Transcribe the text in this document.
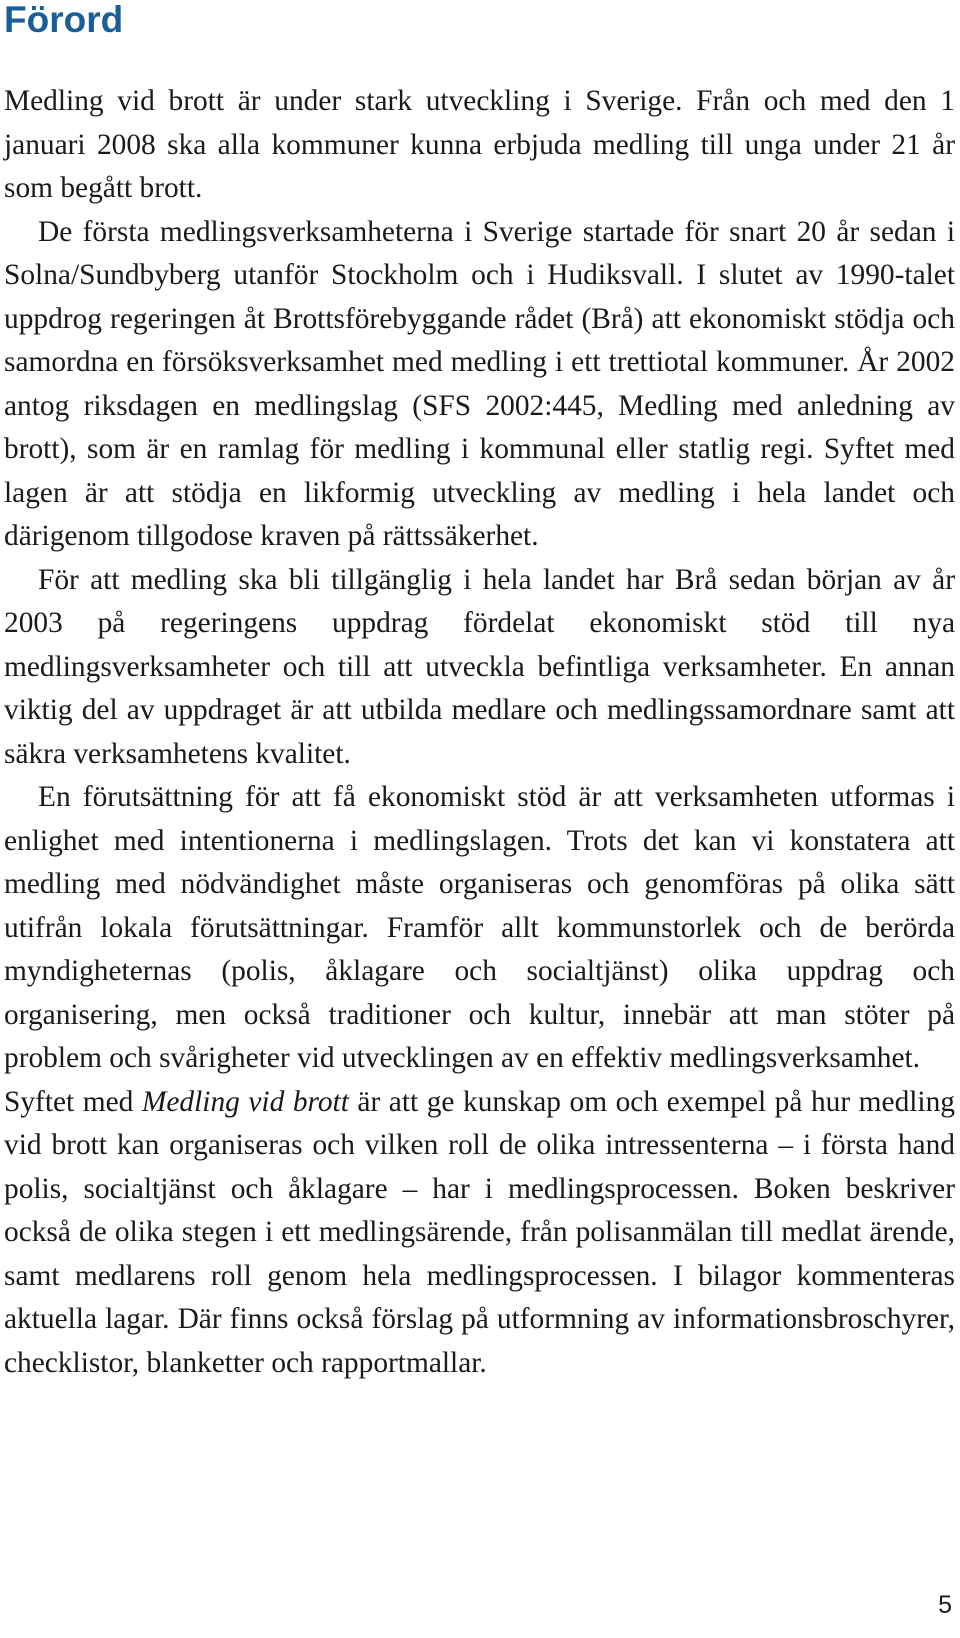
Förord

Medling vid brott är under stark utveckling i Sverige. Från och med den 1 januari 2008 ska alla kommuner kunna erbjuda medling till unga under 21 år som begått brott.

De första medlingsverksamheterna i Sverige startade för snart 20 år sedan i Solna/Sundbyberg utanför Stockholm och i Hudiksvall. I slutet av 1990-talet uppdrog regeringen åt Brottsförebyggande rådet (Brå) att ekonomiskt stödja och samordna en försöksverksamhet med medling i ett trettiotal kommuner. År 2002 antog riksdagen en medlingslag (SFS 2002:445, Medling med anledning av brott), som är en ramlag för medling i kommunal eller statlig regi. Syftet med lagen är att stödja en likformig utveckling av medling i hela landet och därigenom tillgodose kraven på rättssäkerhet.

För att medling ska bli tillgänglig i hela landet har Brå sedan början av år 2003 på regeringens uppdrag fördelat ekonomiskt stöd till nya medlingsverksamheter och till att utveckla befintliga verksamheter. En annan viktig del av uppdraget är att utbilda medlare och medlingssamordnare samt att säkra verksamhetens kvalitet.

En förutsättning för att få ekonomiskt stöd är att verksamheten utformas i enlighet med intentionerna i medlingslagen. Trots det kan vi konstatera att medling med nödvändighet måste organiseras och genomföras på olika sätt utifrån lokala förutsättningar. Framför allt kommunstorlek och de berörda myndigheternas (polis, åklagare och socialtjänst) olika uppdrag och organisering, men också traditioner och kultur, innebär att man stöter på problem och svårigheter vid utvecklingen av en effektiv medlingsverksamhet.

Syftet med Medling vid brott är att ge kunskap om och exempel på hur medling vid brott kan organiseras och vilken roll de olika intressenterna – i första hand polis, socialtjänst och åklagare – har i medlingsprocessen. Boken beskriver också de olika stegen i ett medlingsärende, från polisanmälan till medlat ärende, samt medlarens roll genom hela medlingsprocessen. I bilagor kommenteras aktuella lagar. Där finns också förslag på utformning av informationsbroschyrer, checklistor, blanketter och rapportmallar.

5
